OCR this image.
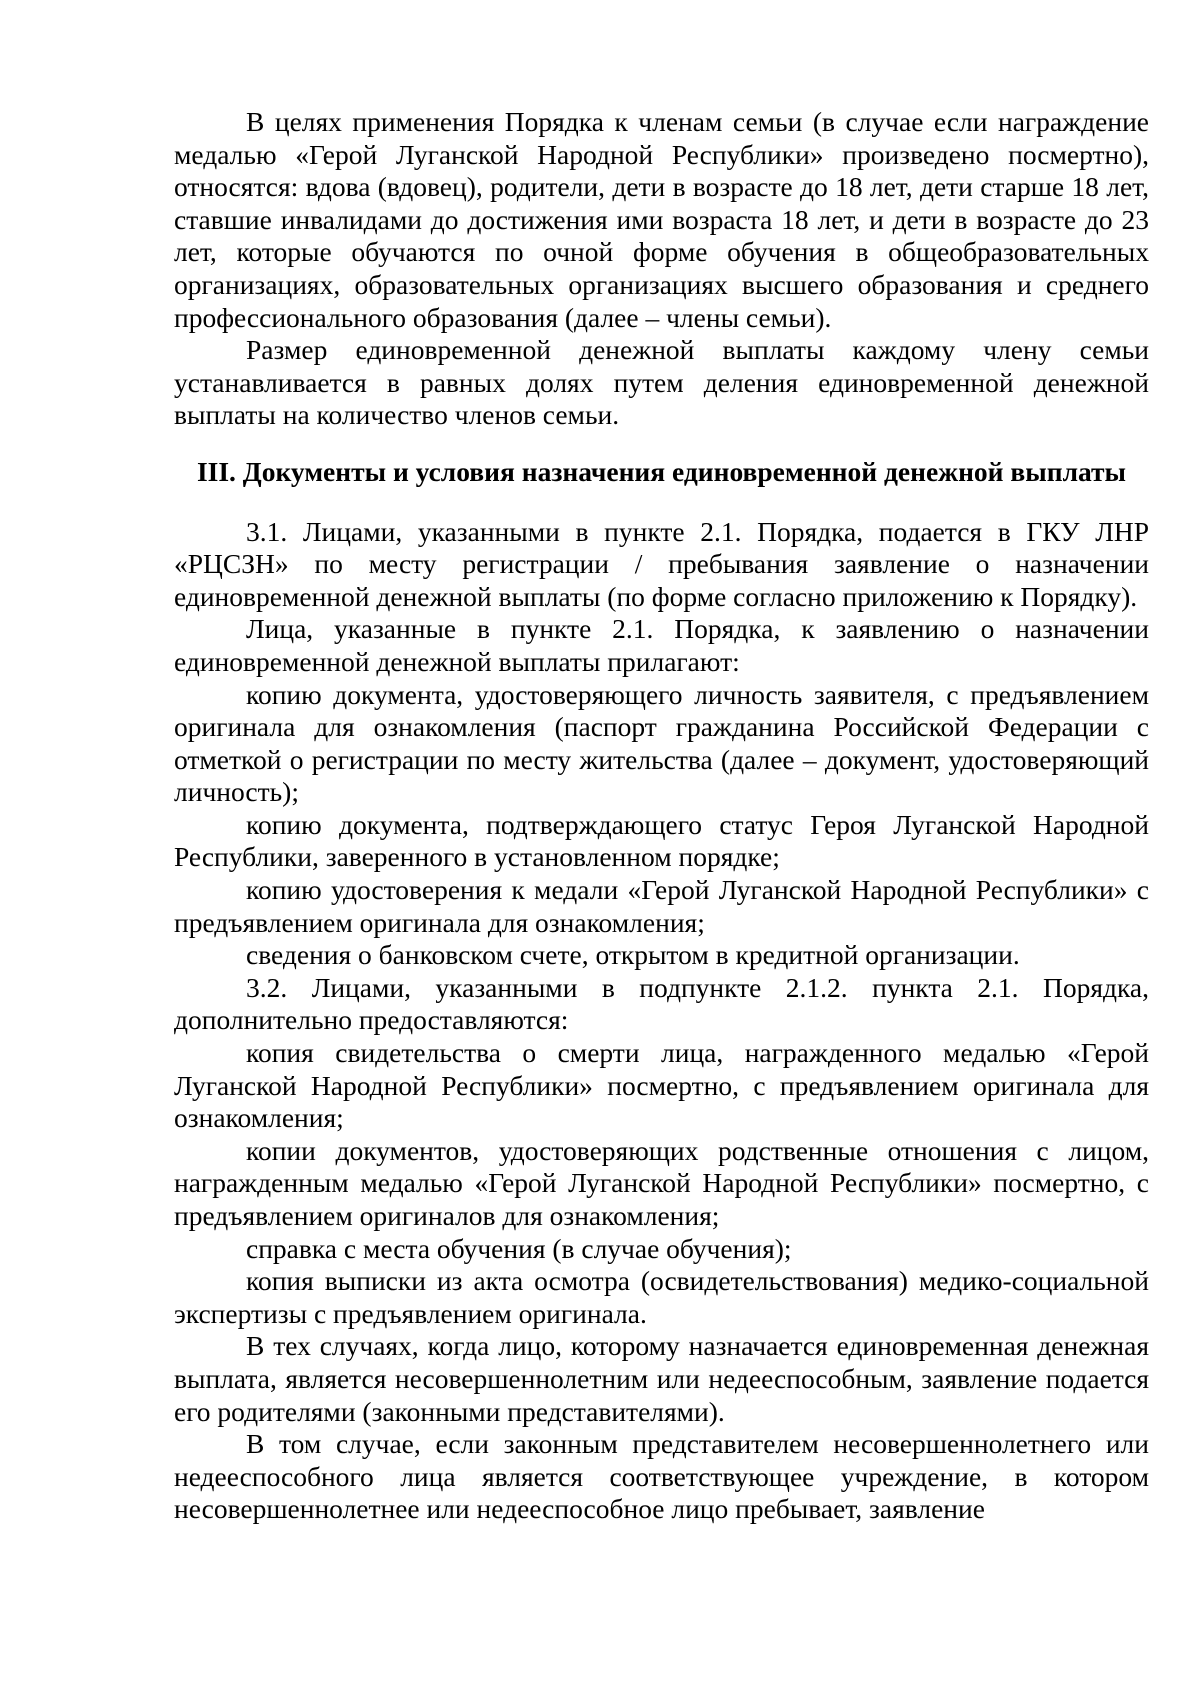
В целях применения Порядка к членам семьи (в случае если награждение медалью «Герой Луганской Народной Республики» произведено посмертно), относятся: вдова (вдовец), родители, дети в возрасте до 18 лет, дети старше 18 лет, ставшие инвалидами до достижения ими возраста 18 лет, и дети в возрасте до 23 лет, которые обучаются по очной форме обучения в общеобразовательных организациях, образовательных организациях высшего образования и среднего профессионального образования (далее – члены семьи).

Размер единовременной денежной выплаты каждому члену семьи устанавливается в равных долях путем деления единовременной денежной выплаты на количество членов семьи.

III. Документы и условия назначения единовременной денежной выплаты

3.1. Лицами, указанными в пункте 2.1. Порядка, подается в ГКУ ЛНР «РЦСЗН» по месту регистрации / пребывания заявление о назначении единовременной денежной выплаты (по форме согласно приложению к Порядку).

Лица, указанные в пункте 2.1. Порядка, к заявлению о назначении единовременной денежной выплаты прилагают:

копию документа, удостоверяющего личность заявителя, с предъявлением оригинала для ознакомления (паспорт гражданина Российской Федерации с отметкой о регистрации по месту жительства (далее – документ, удостоверяющий личность);

копию документа, подтверждающего статус Героя Луганской Народной Республики, заверенного в установленном порядке;

копию удостоверения к медали «Герой Луганской Народной Республики» с предъявлением оригинала для ознакомления;

сведения о банковском счете, открытом в кредитной организации.

3.2. Лицами, указанными в подпункте 2.1.2. пункта 2.1. Порядка, дополнительно предоставляются:

копия свидетельства о смерти лица, награжденного медалью «Герой Луганской Народной Республики» посмертно, с предъявлением оригинала для ознакомления;

копии документов, удостоверяющих родственные отношения с лицом, награжденным медалью «Герой Луганской Народной Республики» посмертно, с предъявлением оригиналов для ознакомления;

справка с места обучения (в случае обучения);

копия выписки из акта осмотра (освидетельствования) медико-социальной экспертизы с предъявлением оригинала.

В тех случаях, когда лицо, которому назначается единовременная денежная выплата, является несовершеннолетним или недееспособным, заявление подается его родителями (законными представителями).

В том случае, если законным представителем несовершеннолетнего или недееспособного лица является соответствующее учреждение, в котором несовершеннолетнее или недееспособное лицо пребывает, заявление
